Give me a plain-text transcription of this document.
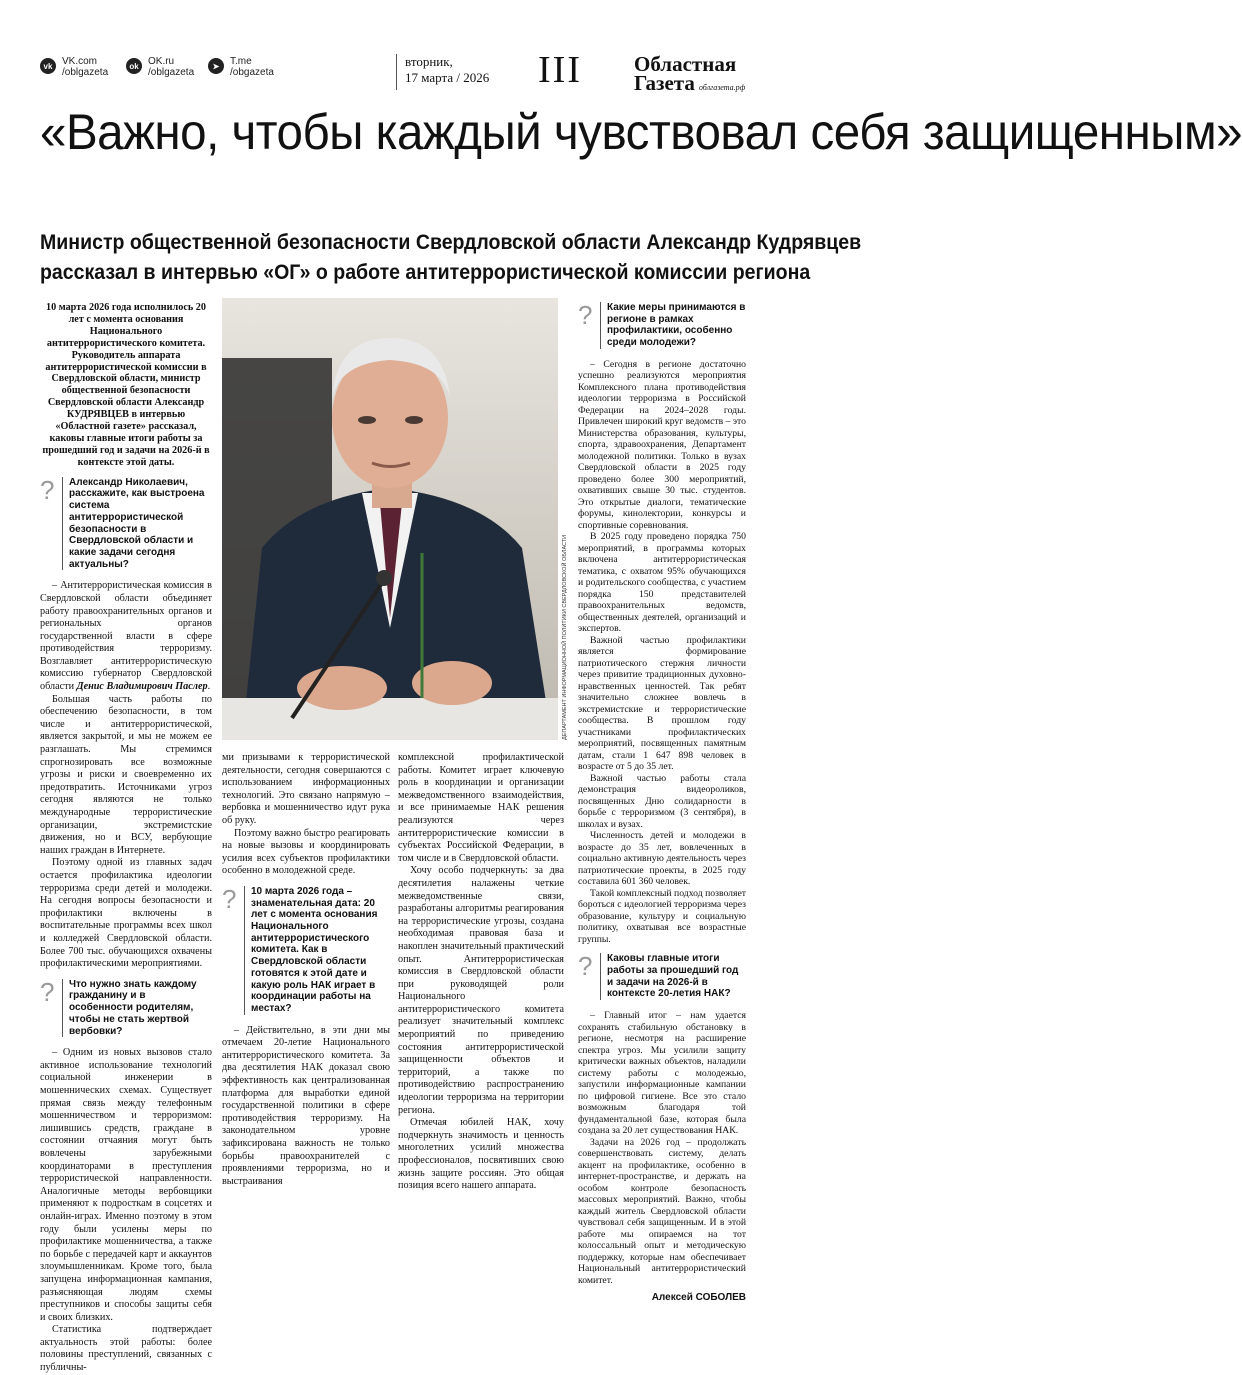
vk VK.com
/oblgazeta
ok OK.ru
/oblgazeta
➤	T.me
/obgazeta
вторник,
17 марта / 2026 III	Областная
Газета облгазета.рф
«Важно, чтобы каждый чувствовал себя защищенным»
Министр общественной безопасности Свердловской области Александр Кудрявцев
рассказал в интервью «ОГ» о работе антитеррористической комиссии региона
ДЕПАРТАМЕНТ ИНФОРМАЦИОННОЙ ПОЛИТИКИ СВЕРДЛОВСКОЙ ОБЛАСТИ

10 марта 2026 года исполнилось 20 лет с момента основания Национального антитеррористического комитета. Руководитель аппарата антитеррористической комиссии в Свердловской области, министр общественной безопасности Свердловской области Александр КУДРЯВЦЕВ в интервью «Областной газете» рассказал, каковы главные итоги работы за прошедший год и задачи на 2026-й в контексте этой даты.

?	Александр Николаевич, расскажите, как выстроена система антитеррористической безопасности в Свердловской области и какие задачи сегодня актуальны?

– Антитеррористическая комиссия в Свердловской области объединяет работу правоохранительных органов и региональных органов государственной власти в сфере противодействия терроризму. Возглавляет антитеррористическую комиссию губернатор Свердловской области Денис Владимирович Паслер.

Большая часть работы по обеспечению безопасности, в том числе и антитеррористической, является закрытой, и мы не можем ее разглашать. Мы стремимся спрогнозировать все возможные угрозы и риски и своевременно их предотвратить. Источниками угроз сегодня являются не только международные террористические организации, экстремистские движения, но и ВСУ, вербующие наших граждан в Интернете.

Поэтому одной из главных задач остается профилактика идеологии терроризма среди детей и молодежи. На сегодня вопросы безопасности и профилактики включены в воспитательные программы всех школ и колледжей Свердловской области. Более 700 тыс. обучающихся охвачены профилактическими мероприятиями.

?	Что нужно знать каждому гражданину и в особенности родителям, чтобы не стать жертвой вербовки?

– Одним из новых вызовов стало активное использование технологий социальной инженерии в мошеннических схемах. Существует прямая связь между телефонным мошенничеством и терроризмом: лишившись средств, граждане в состоянии отчаяния могут быть вовлечены зарубежными координаторами в преступления террористической направленности. Аналогичные методы вербовщики применяют к подросткам в соцсетях и онлайн-играх. Именно поэтому в этом году были усилены меры по профилактике мошенничества, а также по борьбе с передачей карт и аккаунтов злоумышленникам. Кроме того, была запущена информационная кампания, разъясняющая людям схемы преступников и способы защиты себя и своих близких.

Статистика подтверждает актуальность этой работы: более половины преступлений, связанных с публичны-

ми призывами к террористической деятельности, сегодня совершаются с использованием информационных технологий. Это связано напрямую – вербовка и мошенничество идут рука об руку.

Поэтому важно быстро реагировать на новые вызовы и координировать усилия всех субъектов профилактики особенно в молодежной среде.

?	10 марта 2026 года – знаменательная дата: 20 лет с момента основания Национального антитеррористического комитета. Как в Свердловской области готовятся к этой дате и какую роль НАК играет в координации работы на местах?

– Действительно, в эти дни мы отмечаем 20-летие Национального антитеррористического комитета. За два десятилетия НАК доказал свою эффективность как централизованная платформа для выработки единой государственной политики в сфере противодействия терроризму. На законодательном уровне зафиксирована важность не только борьбы правоохранителей с проявлениями терроризма, но и выстраивания

комплексной профилактической работы. Комитет играет ключевую роль в координации и организации межведомственного взаимодействия, и все принимаемые НАК решения реализуются через антитеррористические комиссии в субъектах Российской Федерации, в том числе и в Свердловской области.

Хочу особо подчеркнуть: за два десятилетия налажены четкие межведомственные связи, разработаны алгоритмы реагирования на террористические угрозы, создана необходимая правовая база и накоплен значительный практический опыт. Антитеррористическая комиссия в Свердловской области при руководящей роли Национального антитеррористического комитета реализует значительный комплекс мероприятий по приведению состояния антитеррористической защищенности объектов и территорий, а также по противодействию распространению идеологии терроризма на территории региона.

Отмечая юбилей НАК, хочу подчеркнуть значимость и ценность многолетних усилий множества профессионалов, посвятивших свою жизнь защите россиян. Это общая позиция всего нашего аппарата.

?	Какие меры принимаются в регионе в рамках профилактики, особенно среди молодежи?

– Сегодня в регионе достаточно успешно реализуются мероприятия Комплексного плана противодействия идеологии терроризма в Российской Федерации на 2024–2028 годы. Привлечен широкий круг ведомств – это Министерства образования, культуры, спорта, здравоохранения, Департамент молодежной политики. Только в вузах Свердловской области в 2025 году проведено более 300 мероприятий, охвативших свыше 30 тыс. студентов. Это открытые диалоги, тематические форумы, кинолектории, конкурсы и спортивные соревнования.

В 2025 году проведено порядка 750 мероприятий, в программы которых включена антитеррористическая тематика, с охватом 95% обучающихся и родительского сообщества, с участием порядка 150 представителей правоохранительных ведомств, общественных деятелей, организаций и экспертов.

Важной частью профилактики является формирование патриотического стержня личности через привитие традиционных духовно-нравственных ценностей. Так ребят значительно сложнее вовлечь в экстремистские и террористические сообщества. В прошлом году участниками профилактических мероприятий, посвященных памятным датам, стали 1 647 898 человек в возрасте от 5 до 35 лет.

Важной частью работы стала демонстрация видеороликов, посвященных Дню солидарности в борьбе с терроризмом (3 сентября), в школах и вузах.

Численность детей и молодежи в возрасте до 35 лет, вовлеченных в социально активную деятельность через патриотические проекты, в 2025 году составила 601 360 человек.

Такой комплексный подход позволяет бороться с идеологией терроризма через образование, культуру и социальную политику, охватывая все возрастные группы.

?	Каковы главные итоги работы за прошедший год и задачи на 2026-й в контексте 20-летия НАК?

– Главный итог – нам удается сохранять стабильную обстановку в регионе, несмотря на расширение спектра угроз. Мы усилили защиту критически важных объектов, наладили систему работы с молодежью, запустили информационные кампании по цифровой гигиене. Все это стало возможным благодаря той фундаментальной базе, которая была создана за 20 лет существования НАК.

Задачи на 2026 год – продолжать совершенствовать систему, делать акцент на профилактике, особенно в интернет-пространстве, и держать на особом контроле безопасность массовых мероприятий. Важно, чтобы каждый житель Свердловской области чувствовал себя защищенным. И в этой работе мы опираемся на тот колоссальный опыт и методическую поддержку, которые нам обеспечивает Национальный антитеррористический комитет.

Алексей СОБОЛЕВ
